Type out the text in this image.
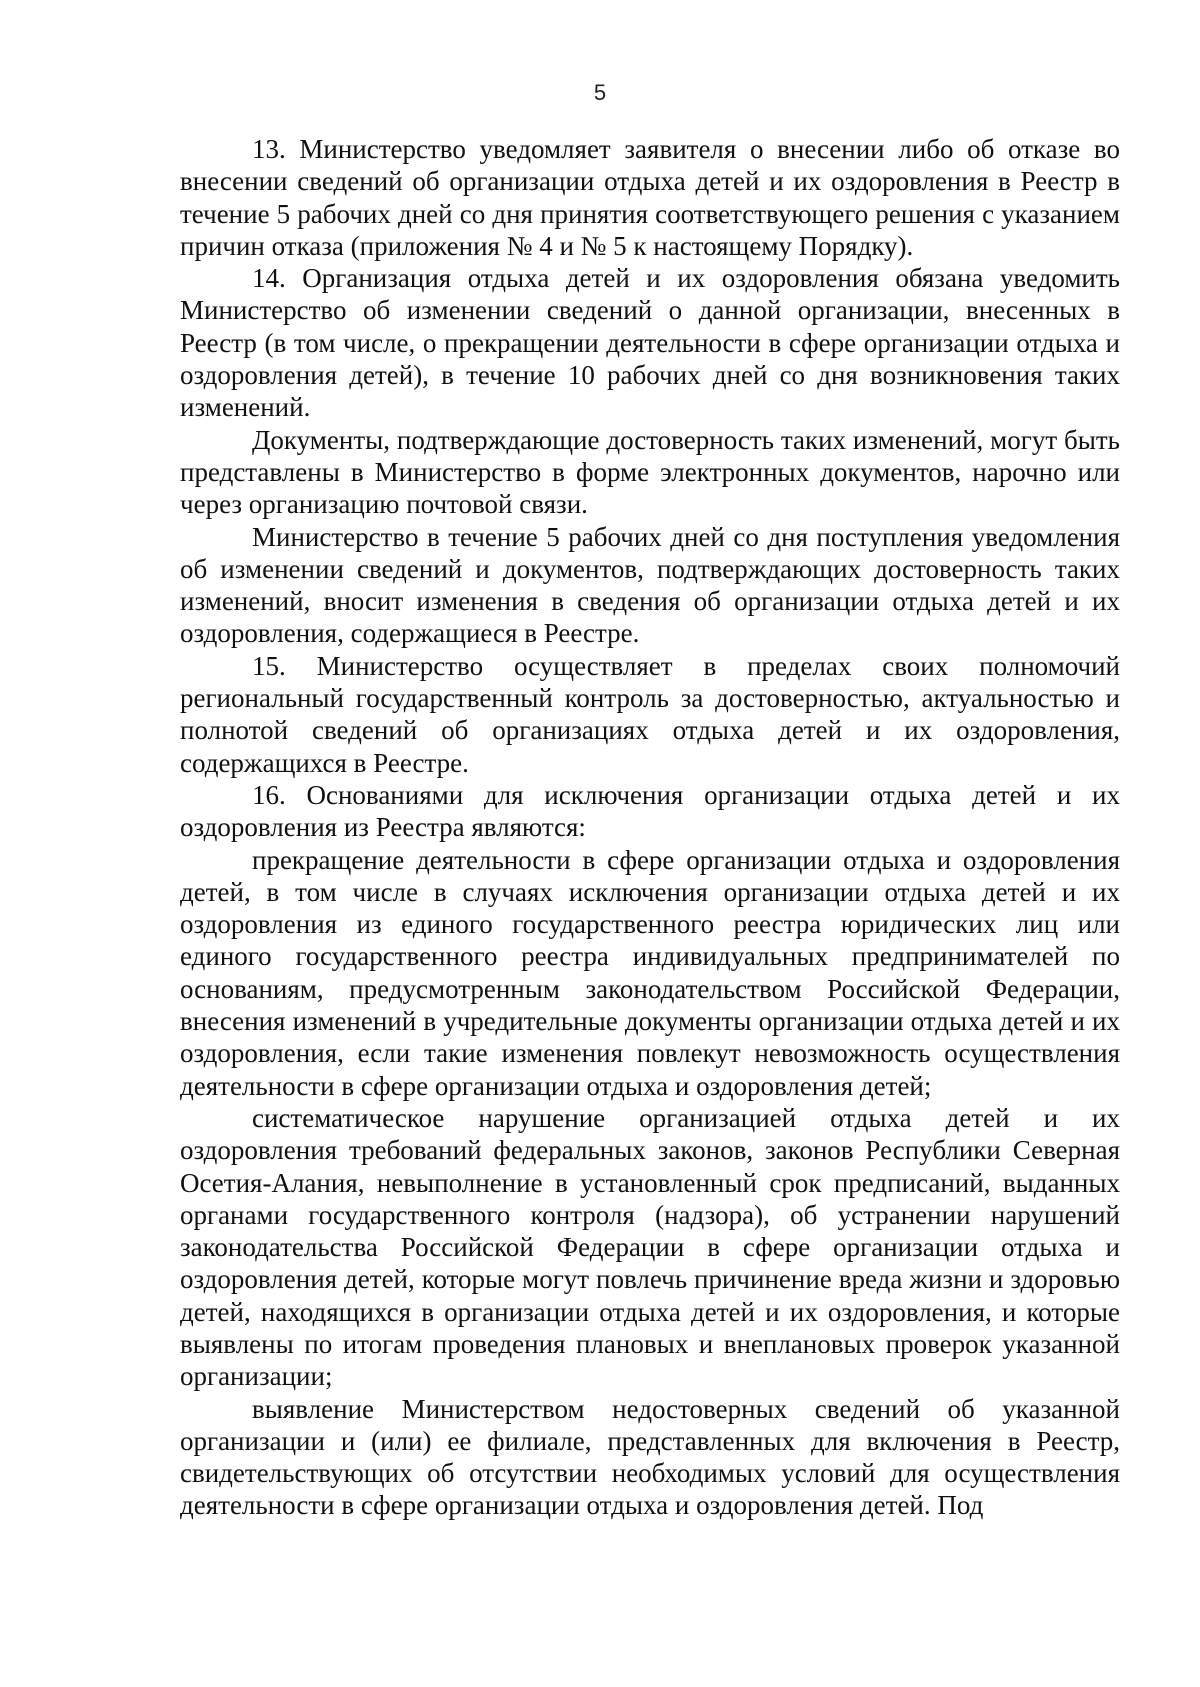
5

13. Министерство уведомляет заявителя о внесении либо об отказе во внесении сведений об организации отдыха детей и их оздоровления в Реестр в течение 5 рабочих дней со дня принятия соответствующего решения с указанием причин отказа (приложения № 4 и № 5 к настоящему Порядку).

14. Организация отдыха детей и их оздоровления обязана уведомить Министерство об изменении сведений о данной организации, внесенных в Реестр (в том числе, о прекращении деятельности в сфере организации отдыха и оздоровления детей), в течение 10 рабочих дней со дня возникновения таких изменений.

Документы, подтверждающие достоверность таких изменений, могут быть представлены в Министерство в форме электронных документов, нарочно или через организацию почтовой связи.

Министерство в течение 5 рабочих дней со дня поступления уведомления об изменении сведений и документов, подтверждающих достоверность таких изменений, вносит изменения в сведения об организации отдыха детей и их оздоровления, содержащиеся в Реестре.

15. Министерство осуществляет в пределах своих полномочий региональный государственный контроль за достоверностью, актуальностью и полнотой сведений об организациях отдыха детей и их оздоровления, содержащихся в Реестре.

16. Основаниями для исключения организации отдыха детей и их оздоровления из Реестра являются:

прекращение деятельности в сфере организации отдыха и оздоровления детей, в том числе в случаях исключения организации отдыха детей и их оздоровления из единого государственного реестра юридических лиц или единого государственного реестра индивидуальных предпринимателей по основаниям, предусмотренным законодательством Российской Федерации, внесения изменений в учредительные документы организации отдыха детей и их оздоровления, если такие изменения повлекут невозможность осуществления деятельности в сфере организации отдыха и оздоровления детей;

систематическое нарушение организацией отдыха детей и их оздоровления требований федеральных законов, законов Республики Северная Осетия-Алания, невыполнение в установленный срок предписаний, выданных органами государственного контроля (надзора), об устранении нарушений законодательства Российской Федерации в сфере организации отдыха и оздоровления детей, которые могут повлечь причинение вреда жизни и здоровью детей, находящихся в организации отдыха детей и их оздоровления, и которые выявлены по итогам проведения плановых и внеплановых проверок указанной организации;

выявление Министерством недостоверных сведений об указанной организации и (или) ее филиале, представленных для включения в Реестр, свидетельствующих об отсутствии необходимых условий для осуществления деятельности в сфере организации отдыха и оздоровления детей. Под
